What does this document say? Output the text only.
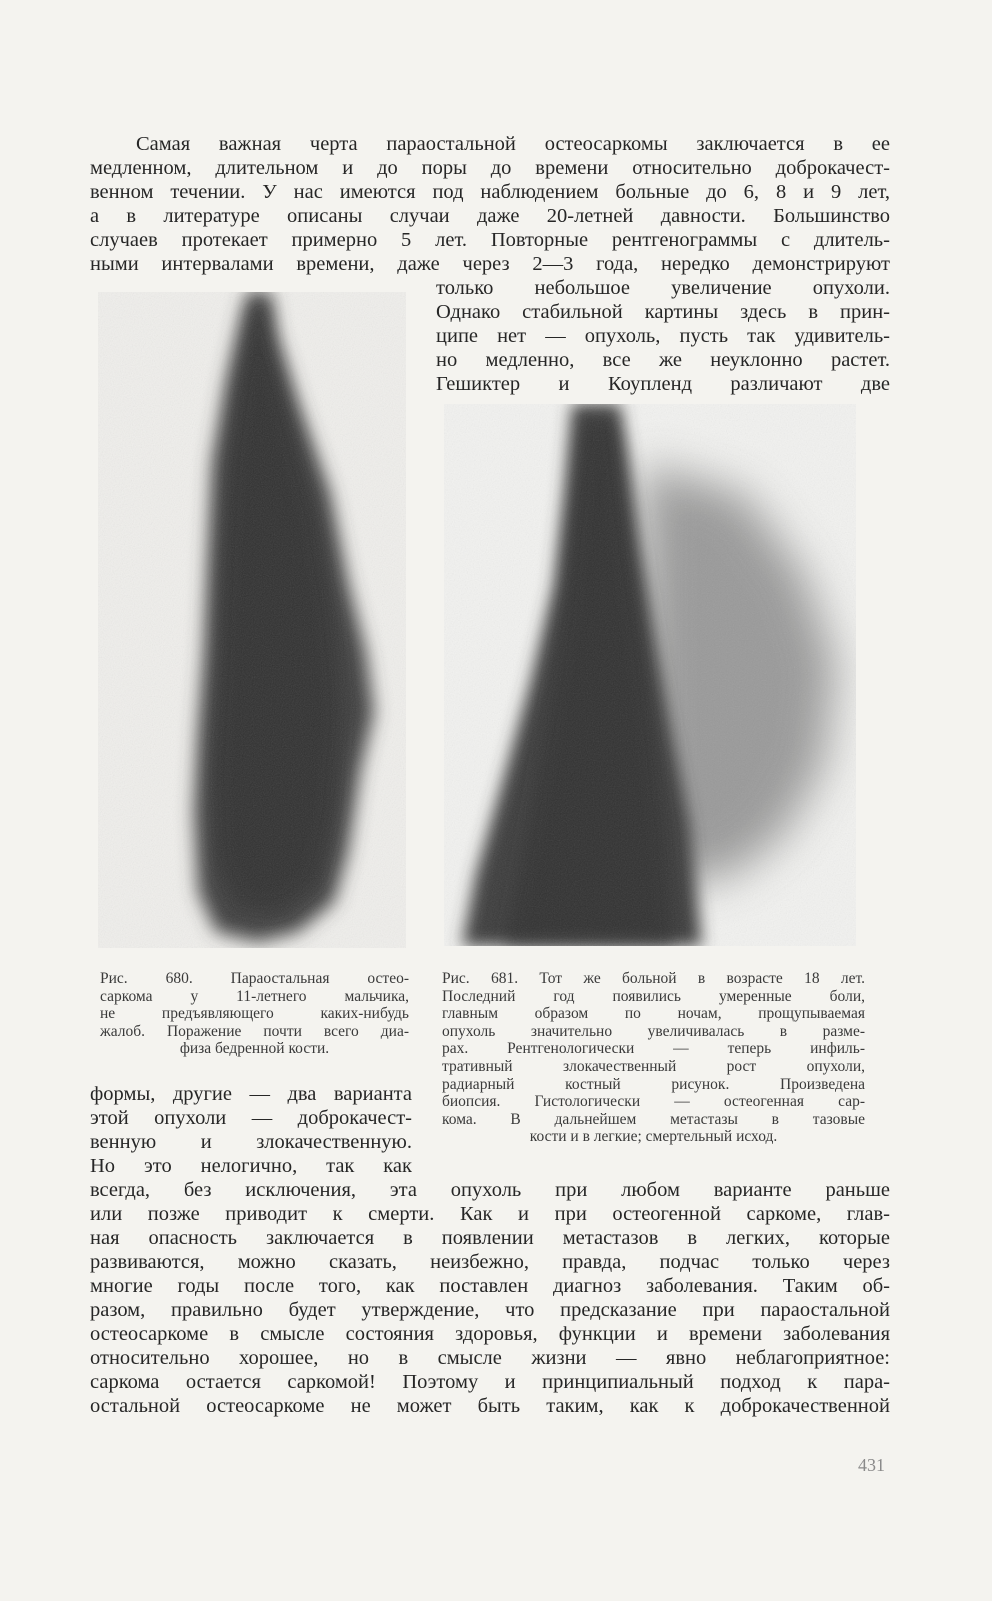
Самая важная черта параостальной остеосаркомы заключается в ее
медленном, длительном и до поры до времени относительно доброкачест-
венном течении. У нас имеются под наблюдением больные до 6, 8 и 9 лет,
а в литературе описаны случаи даже 20-летней давности. Большинство
случаев протекает примерно 5 лет. Повторные рентгенограммы с длитель-
ными интервалами времени, даже через 2—3 года, нередко демонстрируют
только небольшое увеличение опухоли.
Однако стабильной картины здесь в прин-
ципе нет — опухоль, пусть так удивитель-
но медленно, все же неуклонно растет.
Гешиктер и Коупленд различают две
Рис. 680. Параостальная остео-
саркома у 11-летнего мальчика,
не предъявляющего каких-нибудь
жалоб. Поражение почти всего диа-
физа бедренной кости.
Рис. 681. Тот же больной в возрасте 18 лет.
Последний год появились умеренные боли,
главным образом по ночам, прощупываемая
опухоль значительно увеличивалась в разме-
рах. Рентгенологически — теперь инфиль-
тративный злокачественный рост опухоли,
радиарный костный рисунок. Произведена
биопсия. Гистологически — остеогенная сар-
кома. В дальнейшем метастазы в тазовые
кости и в легкие; смертельный исход.
формы, другие — два варианта
этой опухоли — доброкачест-
венную и злокачественную.
Но это нелогично, так как
всегда, без исключения, эта опухоль при любом варианте раньше
или позже приводит к смерти. Как и при остеогенной саркоме, глав-
ная опасность заключается в появлении метастазов в легких, которые
развиваются, можно сказать, неизбежно, правда, подчас только через
многие годы после того, как поставлен диагноз заболевания. Таким об-
разом, правильно будет утверждение, что предсказание при параостальной
остеосаркоме в смысле состояния здоровья, функции и времени заболевания
относительно хорошее, но в смысле жизни — явно неблагоприятное:
саркома остается саркомой! Поэтому и принципиальный подход к пара-
остальной остеосаркоме не может быть таким, как к доброкачественной
431
